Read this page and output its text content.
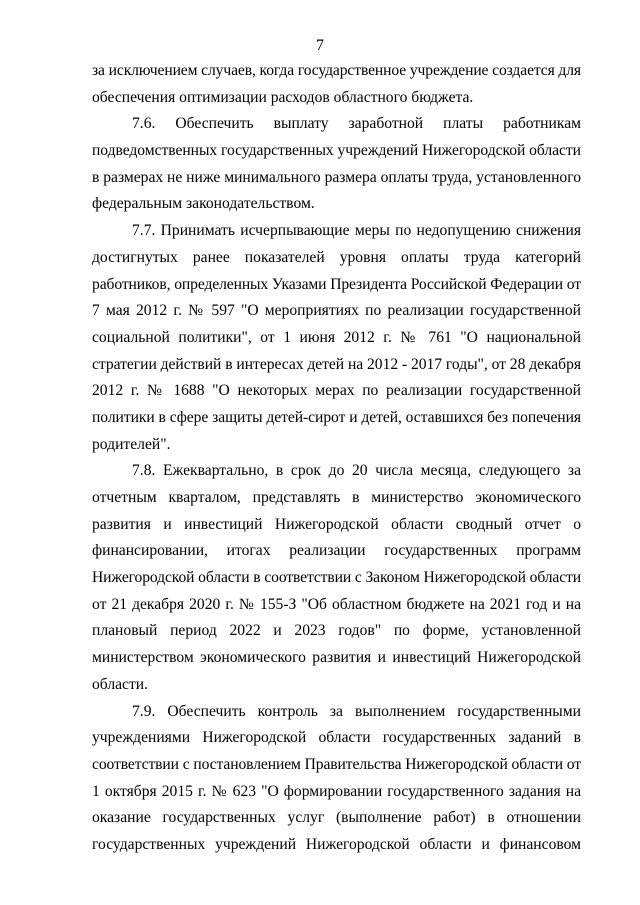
7
за исключением случаев, когда государственное учреждение создается для
обеспечения оптимизации расходов областного бюджета.
7.6. Обеспечить выплату заработной платы работникам
подведомственных государственных учреждений Нижегородской области
в размерах не ниже минимального размера оплаты труда, установленного
федеральным законодательством.
7.7. Принимать исчерпывающие меры по недопущению снижения
достигнутых ранее показателей уровня оплаты труда категорий
работников, определенных Указами Президента Российской Федерации от
7 мая 2012 г. № 597 "О мероприятиях по реализации государственной
социальной политики", от 1 июня 2012 г. № 761 "О национальной
стратегии действий в интересах детей на 2012 - 2017 годы", от 28 декабря
2012 г. № 1688 "О некоторых мерах по реализации государственной
политики в сфере защиты детей-сирот и детей, оставшихся без попечения
родителей".
7.8. Ежеквартально, в срок до 20 числа месяца, следующего за
отчетным кварталом, представлять в министерство экономического
развития и инвестиций Нижегородской области сводный отчет о
финансировании, итогах реализации государственных программ
Нижегородской области в соответствии с Законом Нижегородской области
от 21 декабря 2020 г. № 155-З "Об областном бюджете на 2021 год и на
плановый период 2022 и 2023 годов" по форме, установленной
министерством экономического развития и инвестиций Нижегородской
области.
7.9. Обеспечить контроль за выполнением государственными
учреждениями Нижегородской области государственных заданий в
соответствии с постановлением Правительства Нижегородской области от
1 октября 2015 г. № 623 "О формировании государственного задания на
оказание государственных услуг (выполнение работ) в отношении
государственных учреждений Нижегородской области и финансовом
